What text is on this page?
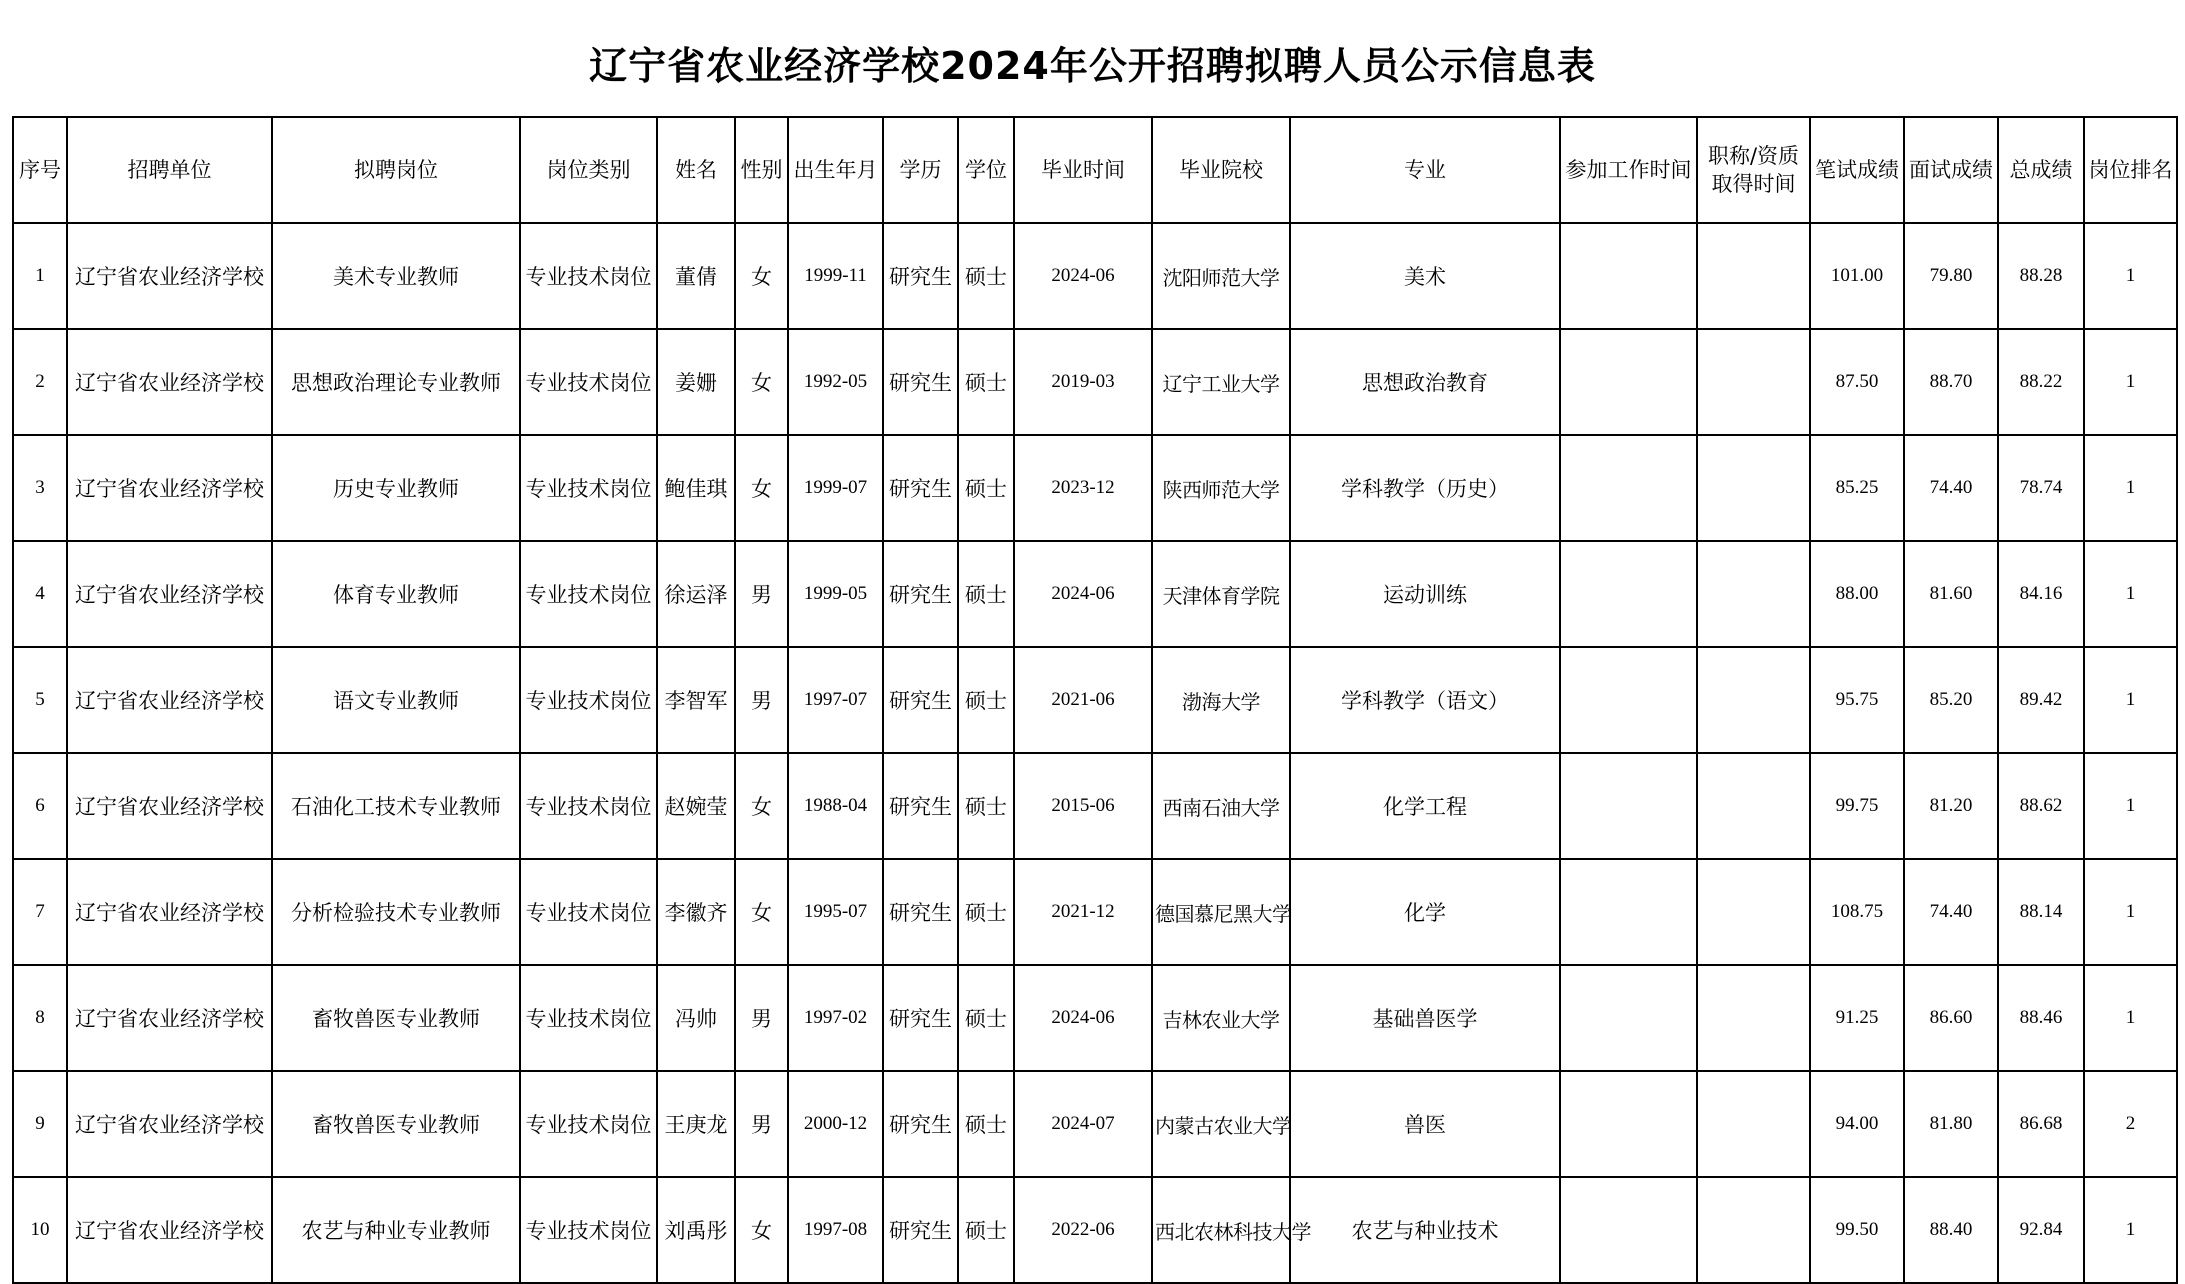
辽宁省农业经济学校2024年公开招聘拟聘人员公示信息表
序号	招聘单位	拟聘岗位	岗位类别	姓名	性别	出生年月	学历	学位	毕业时间	毕业院校	专业	参加工作时间	职称/资质取得时间	笔试成绩	面试成绩	总成绩	岗位排名
1	辽宁省农业经济学校	美术专业教师	专业技术岗位	董倩	女	1999-11	研究生	硕士	2024-06	沈阳师范大学	美术			101.00	79.80	88.28	1
2	辽宁省农业经济学校	思想政治理论专业教师	专业技术岗位	姜姗	女	1992-05	研究生	硕士	2019-03	辽宁工业大学	思想政治教育			87.50	88.70	88.22	1
3	辽宁省农业经济学校	历史专业教师	专业技术岗位	鲍佳琪	女	1999-07	研究生	硕士	2023-12	陕西师范大学	学科教学（历史）			85.25	74.40	78.74	1
4	辽宁省农业经济学校	体育专业教师	专业技术岗位	徐运泽	男	1999-05	研究生	硕士	2024-06	天津体育学院	运动训练			88.00	81.60	84.16	1
5	辽宁省农业经济学校	语文专业教师	专业技术岗位	李智军	男	1997-07	研究生	硕士	2021-06	渤海大学	学科教学（语文）			95.75	85.20	89.42	1
6	辽宁省农业经济学校	石油化工技术专业教师	专业技术岗位	赵婉莹	女	1988-04	研究生	硕士	2015-06	西南石油大学	化学工程			99.75	81.20	88.62	1
7	辽宁省农业经济学校	分析检验技术专业教师	专业技术岗位	李徽齐	女	1995-07	研究生	硕士	2021-12	德国慕尼黑大学	化学			108.75	74.40	88.14	1
8	辽宁省农业经济学校	畜牧兽医专业教师	专业技术岗位	冯帅	男	1997-02	研究生	硕士	2024-06	吉林农业大学	基础兽医学			91.25	86.60	88.46	1
9	辽宁省农业经济学校	畜牧兽医专业教师	专业技术岗位	王庚龙	男	2000-12	研究生	硕士	2024-07	内蒙古农业大学	兽医			94.00	81.80	86.68	2
10	辽宁省农业经济学校	农艺与种业专业教师	专业技术岗位	刘禹彤	女	1997-08	研究生	硕士	2022-06	西北农林科技大学	农艺与种业技术			99.50	88.40	92.84	1
